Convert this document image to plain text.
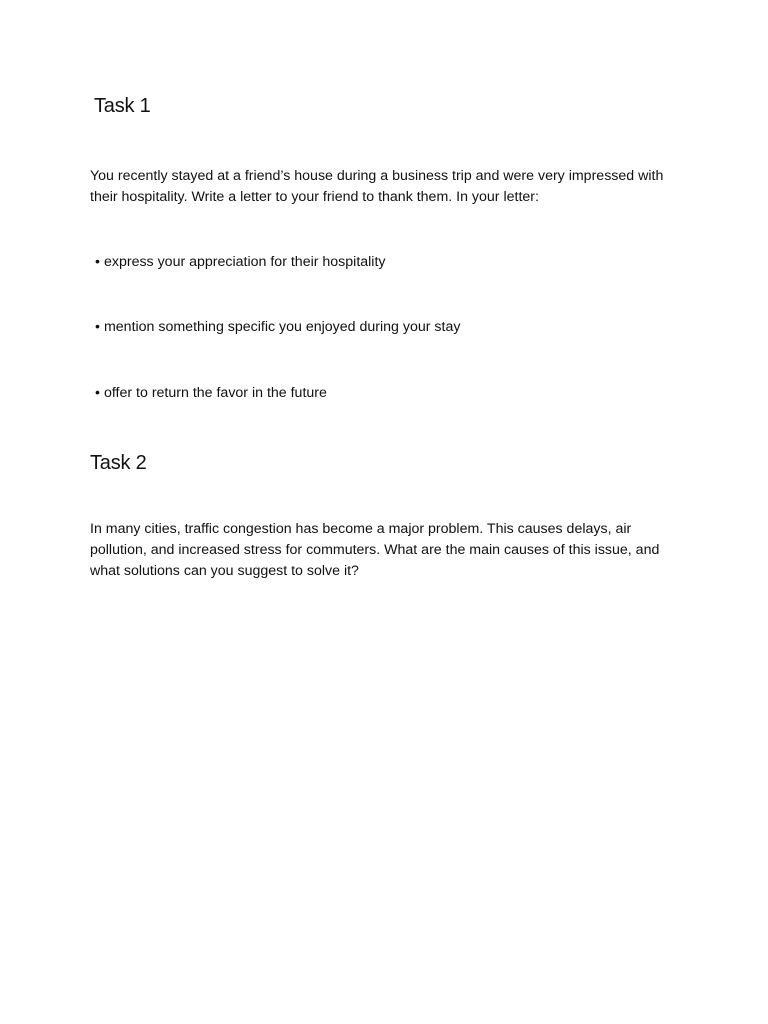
Task 1

You recently stayed at a friend’s house during a business trip and were very impressed with their hospitality. Write a letter to your friend to thank them. In your letter:

• express your appreciation for their hospitality

• mention something specific you enjoyed during your stay

• offer to return the favor in the future

Task 2

In many cities, traffic congestion has become a major problem. This causes delays, air pollution, and increased stress for commuters. What are the main causes of this issue, and what solutions can you suggest to solve it?
